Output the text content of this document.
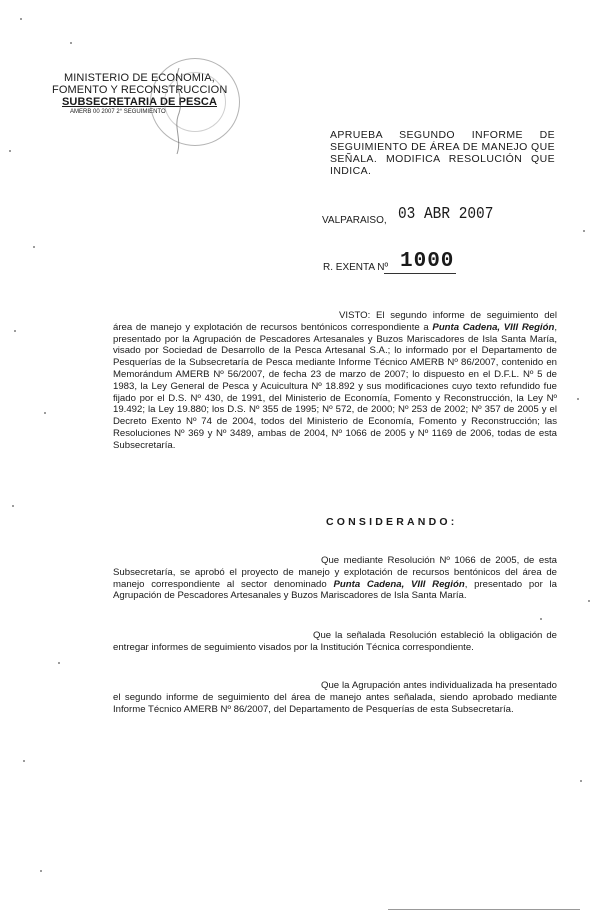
MINISTERIO DE ECONOMIA,
FOMENTO Y RECONSTRUCCION
SUBSECRETARIA DE PESCA
AMERB 00 2007 2° SEGUIMIENTO
APRUEBA SEGUNDO INFORME DE
SEGUIMIENTO DE ÁREA DE MANEJO QUE
SEÑALA. MODIFICA RESOLUCIÓN QUE
INDICA.
VALPARAISO, 03 ABR 2007
R. EXENTA Nº 1000
VISTO: El segundo informe de seguimiento del área de manejo y explotación de recursos bentónicos correspondiente a Punta Cadena, VIII Región, presentado por la Agrupación de Pescadores Artesanales y Buzos Mariscadores de Isla Santa María, visado por Sociedad de Desarrollo de la Pesca Artesanal S.A.; lo informado por el Departamento de Pesquerías de la Subsecretaría de Pesca mediante Informe Técnico AMERB Nº 86/2007, contenido en Memorándum AMERB Nº 56/2007, de fecha 23 de marzo de 2007; lo dispuesto en el D.F.L. Nº 5 de 1983, la Ley General de Pesca y Acuicultura Nº 18.892 y sus modificaciones cuyo texto refundido fue fijado por el D.S. Nº 430, de 1991, del Ministerio de Economía, Fomento y Reconstrucción, la Ley Nº 19.492; la Ley 19.880; los D.S. Nº 355 de 1995; Nº 572, de 2000; Nº 253 de 2002; Nº 357 de 2005 y el Decreto Exento Nº 74 de 2004, todos del Ministerio de Economía, Fomento y Reconstrucción; las Resoluciones Nº 369 y Nº 3489, ambas de 2004, Nº 1066 de 2005 y Nº 1169 de 2006, todas de esta Subsecretaría.
CONSIDERANDO:
Que mediante Resolución Nº 1066 de 2005, de esta Subsecretaría, se aprobó el proyecto de manejo y explotación de recursos bentónicos del área de manejo correspondiente al sector denominado Punta Cadena, VIII Región, presentado por la Agrupación de Pescadores Artesanales y Buzos Mariscadores de Isla Santa María.
Que la señalada Resolución estableció la obligación de entregar informes de seguimiento visados por la Institución Técnica correspondiente.
Que la Agrupación antes individualizada ha presentado el segundo informe de seguimiento del área de manejo antes señalada, siendo aprobado mediante Informe Técnico AMERB Nº 86/2007, del Departamento de Pesquerías de esta Subsecretaría.
